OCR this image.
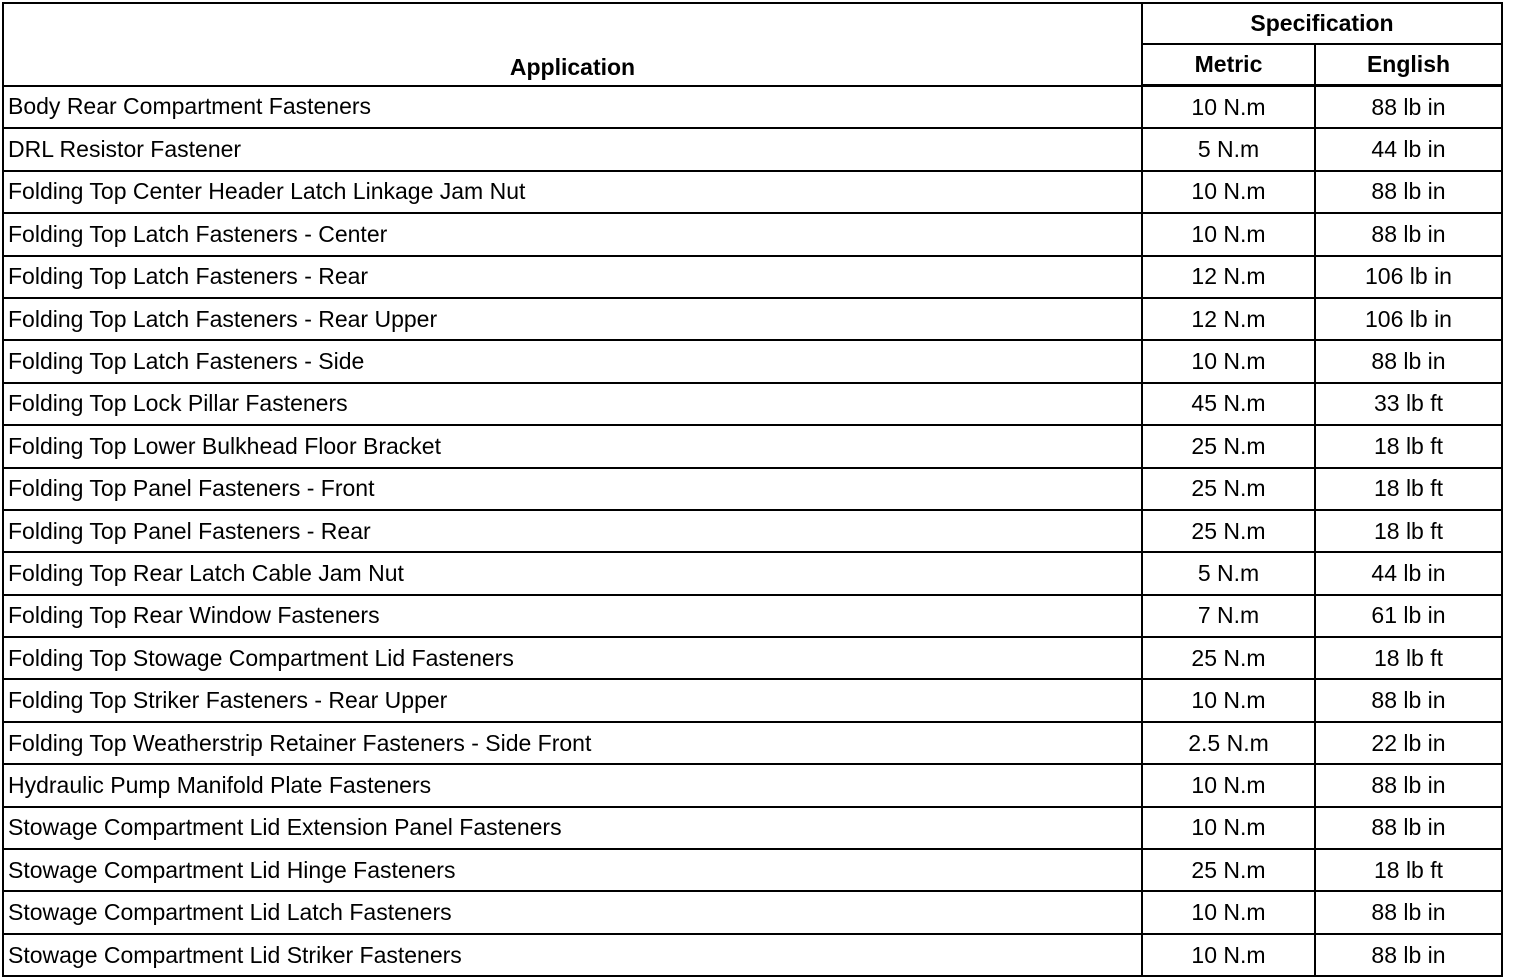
Application	Specification	
	Metric	English
Body Rear Compartment Fasteners	10 N.m	88 lb in
DRL Resistor Fastener	5 N.m	44 lb in
Folding Top Center Header Latch Linkage Jam Nut	10 N.m	88 lb in
Folding Top Latch Fasteners - Center	10 N.m	88 lb in
Folding Top Latch Fasteners - Rear	12 N.m	106 lb in
Folding Top Latch Fasteners - Rear Upper	12 N.m	106 lb in
Folding Top Latch Fasteners - Side	10 N.m	88 lb in
Folding Top Lock Pillar Fasteners	45 N.m	33 lb ft
Folding Top Lower Bulkhead Floor Bracket	25 N.m	18 lb ft
Folding Top Panel Fasteners - Front	25 N.m	18 lb ft
Folding Top Panel Fasteners - Rear	25 N.m	18 lb ft
Folding Top Rear Latch Cable Jam Nut	5 N.m	44 lb in
Folding Top Rear Window Fasteners	7 N.m	61 lb in
Folding Top Stowage Compartment Lid Fasteners	25 N.m	18 lb ft
Folding Top Striker Fasteners - Rear Upper	10 N.m	88 lb in
Folding Top Weatherstrip Retainer Fasteners - Side Front	2.5 N.m	22 lb in
Hydraulic Pump Manifold Plate Fasteners	10 N.m	88 lb in
Stowage Compartment Lid Extension Panel Fasteners	10 N.m	88 lb in
Stowage Compartment Lid Hinge Fasteners	25 N.m	18 lb ft
Stowage Compartment Lid Latch Fasteners	10 N.m	88 lb in
Stowage Compartment Lid Striker Fasteners	10 N.m	88 lb in
